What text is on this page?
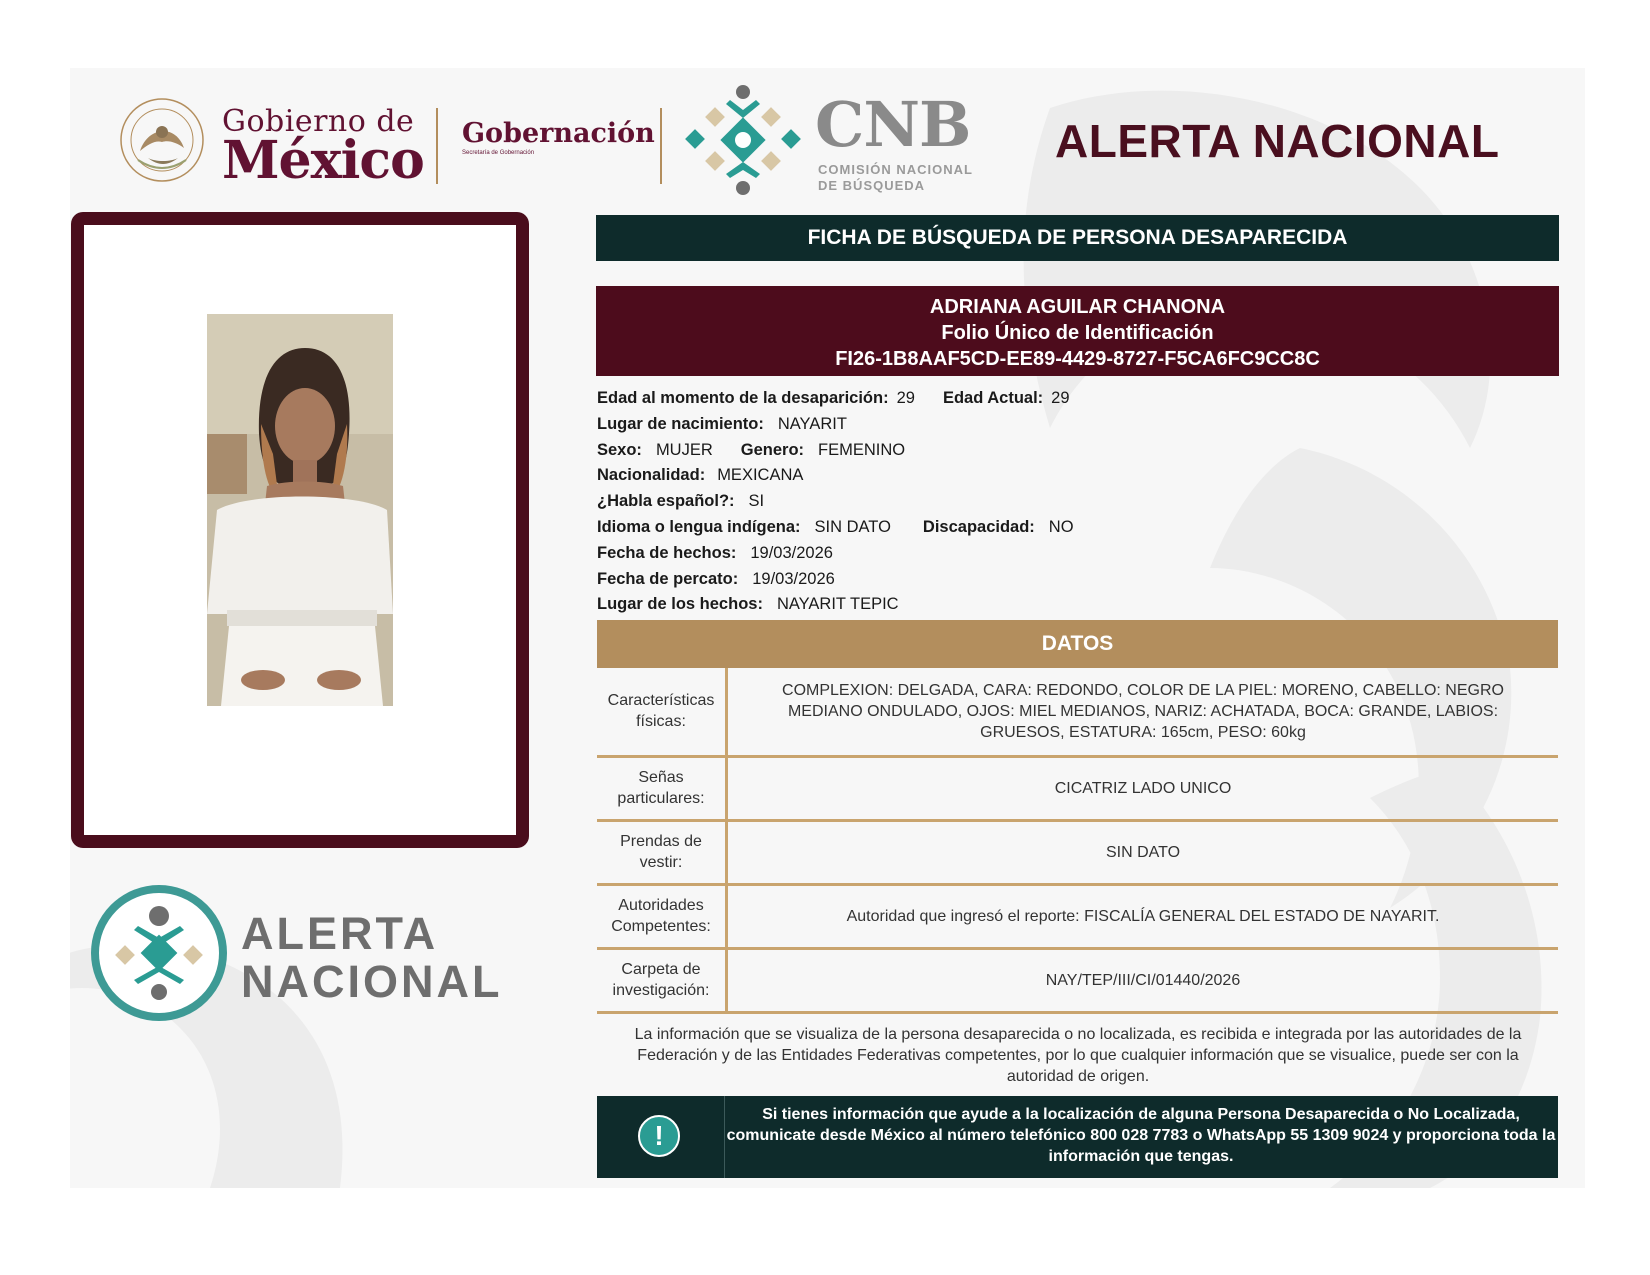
Gobierno de
México Gobernación
Secretaría de Gobernación	CNB
COMISIÓN NACIONAL
DE BÚSQUEDA
ALERTA NACIONAL
ALERTA
NACIONAL
FICHA DE BÚSQUEDA DE PERSONA DESAPARECIDA
ADRIANA AGUILAR CHANONA
Folio Único de Identificación
FI26-1B8AAF5CD-EE89-4429-8727-F5CA6FC9CC8C
Edad al momento de la desaparición: 29 Edad Actual: 29
Lugar de nacimiento: NAYARIT
Sexo: MUJER Genero: FEMENINO
Nacionalidad: MEXICANA
¿Habla español?: SI
Idioma o lengua indígena: SIN DATO Discapacidad: NO
Fecha de hechos: 19/03/2026
Fecha de percato: 19/03/2026
Lugar de los hechos: NAYARIT TEPIC
DATOS
Características físicas:	COMPLEXION: DELGADA, CARA: REDONDO, COLOR DE LA PIEL: MORENO, CABELLO: NEGRO MEDIANO ONDULADO, OJOS: MIEL MEDIANOS, NARIZ: ACHATADA, BOCA: GRANDE, LABIOS: GRUESOS, ESTATURA: 165cm, PESO: 60kg
Señas particulares:	CICATRIZ LADO UNICO
Prendas de vestir:	SIN DATO
Autoridades Competentes:	Autoridad que ingresó el reporte: FISCALÍA GENERAL DEL ESTADO DE NAYARIT.
Carpeta de investigación:	NAY/TEP/III/CI/01440/2026
La información que se visualiza de la persona desaparecida o no localizada, es recibida e integrada por las autoridades de la Federación y de las Entidades Federativas competentes, por lo que cualquier información que se visualice, puede ser con la autoridad de origen.
!
Si tienes información que ayude a la localización de alguna Persona Desaparecida o No Localizada, comunicate desde México al número telefónico 800 028 7783 o WhatsApp 55 1309 9024 y proporciona toda la información que tengas.
